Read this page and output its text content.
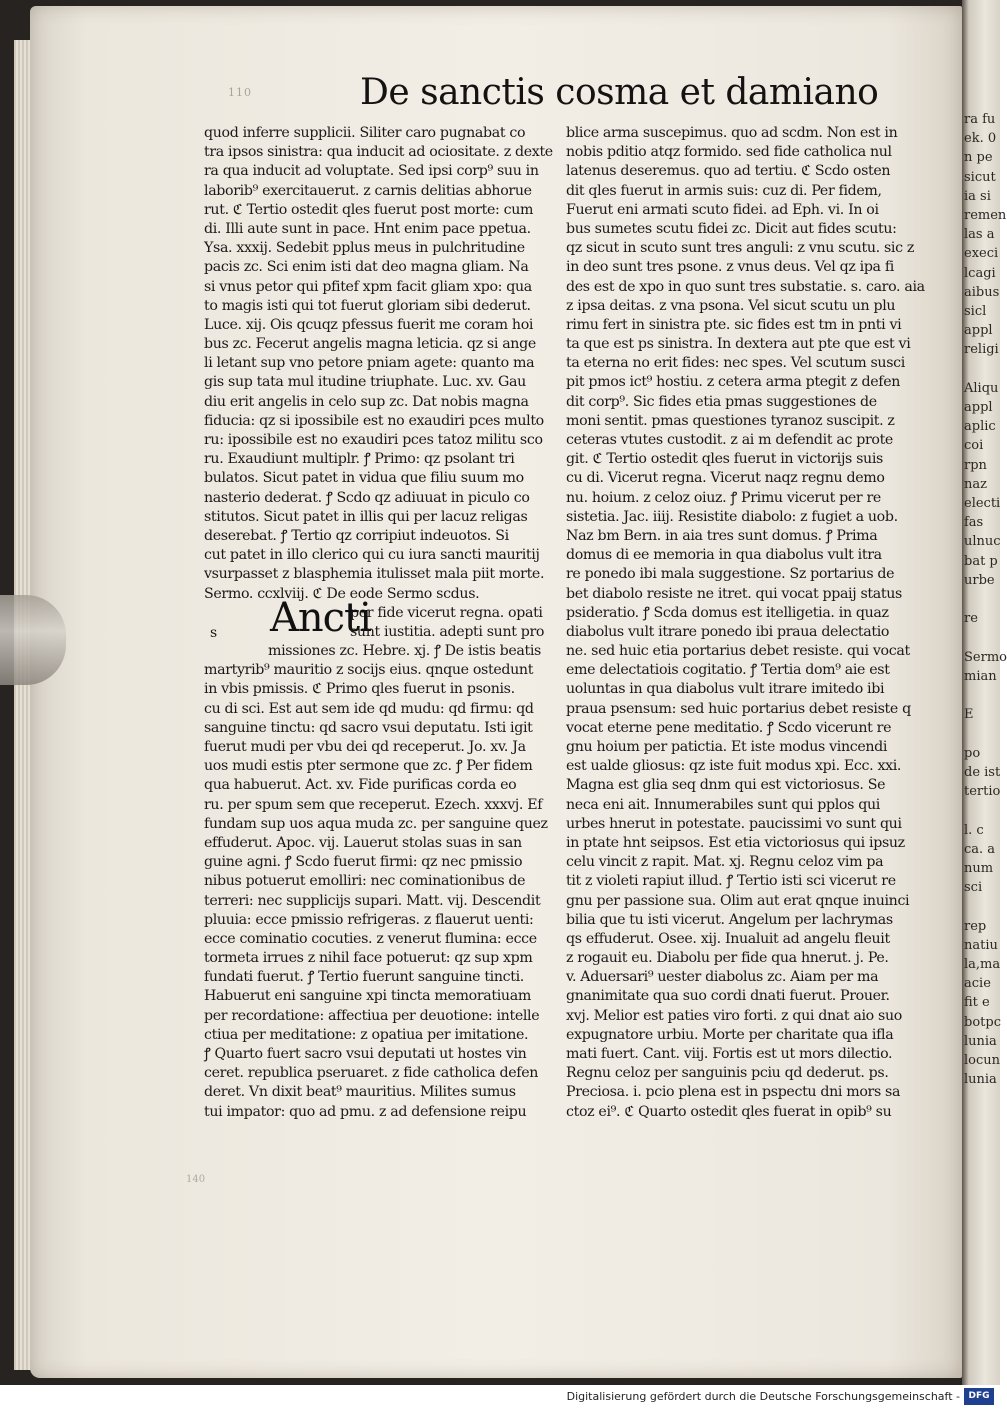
ra fu
ek. 0
n pe
sicut
ia si
remen
las a
execi
lcagi
aibus
sicl
appl
religi

Aliqu
appl
aplic
coi
rpn
naz
electi
fas
ulnuc
bat p
urbe

re

Sermo
mian

E

po
de ist
tertio

l. c
ca. a
num
sci

rep
natiu
la,ma
acie
fit e
botpc
lunia
locun
lunia
110
140
De sanctis cosma et damiano
quod inferre supplicii. Siliter caro pugnabat co
tra ipsos sinistra: qua inducit ad ociositate. z dexte
ra qua inducit ad voluptate. Sed ipsi corp⁹ suu in
laborib⁹ exercitauerut. z carnis delitias abhorue
rut. ℭ Tertio ostedit qles fuerut post morte: cum
di. Illi aute sunt in pace. Hnt enim pace ppetua.
Ysa. xxxij. Sedebit pplus meus in pulchritudine
pacis zc. Sci enim isti dat deo magna gliam. Na
si vnus petor qui pfitef xpm facit gliam xpo: qua
to magis isti qui tot fuerut gloriam sibi dederut.
Luce. xij. Ois qcuqz pfessus fuerit me coram hoi
bus zc. Fecerut angelis magna leticia. qz si ange
li letant sup vno petore pniam agete: quanto ma
gis sup tata mul itudine triuphate. Luc. xv. Gau
diu erit angelis in celo sup zc. Dat nobis magna
fiducia: qz si ipossibile est no exaudiri pces multo
ru: ipossibile est no exaudiri pces tatoz militu sco
ru. Exaudiunt multiplr. ꝭ Primo: qz psolant tri
bulatos. Sicut patet in vidua que filiu suum mo
nasterio dederat. ꝭ Scdo qz adiuuat in piculo co
stitutos. Sicut patet in illis qui per lacuz religas
deserebat. ꝭ Tertio qz corripiut indeuotos. Si
cut patet in illo clerico qui cu iura sancti mauritij
vsurpasset z blasphemia itulisset mala piit morte.
Sermo. ccxlviij. ℭ De eode Sermo scdus.
Ancti
per fide vicerut regna. opati
s	sunt iustitia. adepti sunt pro
missiones zc. Hebre. xj. ꝭ De istis beatis
martyrib⁹ mauritio z socijs eius. qnque ostedunt
in vbis pmissis. ℭ Primo qles fuerut in psonis.
cu di sci. Est aut sem ide qd mudu: qd firmu: qd
sanguine tinctu: qd sacro vsui deputatu. Isti igit
fuerut mudi per vbu dei qd receperut. Jo. xv. Ja
uos mudi estis pter sermone que zc. ꝭ Per fidem
qua habuerut. Act. xv. Fide purificas corda eo
ru. per spum sem que receperut. Ezech. xxxvj. Ef
fundam sup uos aqua muda zc. per sanguine quez
effuderut. Apoc. vij. Lauerut stolas suas in san
guine agni. ꝭ Scdo fuerut firmi: qz nec pmissio
nibus potuerut emolliri: nec cominationibus de
terreri: nec supplicijs supari. Matt. vij. Descendit
pluuia: ecce pmissio refrigeras. z flauerut uenti:
ecce cominatio cocuties. z venerut flumina: ecce
tormeta irrues z nihil face potuerut: qz sup xpm
fundati fuerut. ꝭ Tertio fuerunt sanguine tincti.
Habuerut eni sanguine xpi tincta memoratiuam
per recordatione: affectiua per deuotione: intelle
ctiua per meditatione: z opatiua per imitatione.
ꝭ Quarto fuert sacro vsui deputati ut hostes vin
ceret. republica pseruaret. z fide catholica defen
deret. Vn dixit beat⁹ mauritius. Milites sumus
tui impator: quo ad pmu. z ad defensione reipu
blice arma suscepimus. quo ad scdm. Non est in
nobis pditio atqz formido. sed fide catholica nul
latenus deseremus. quo ad tertiu. ℭ Scdo osten
dit qles fuerut in armis suis: cuz di. Per fidem,
Fuerut eni armati scuto fidei. ad Eph. vi. In oi
bus sumetes scutu fidei zc. Dicit aut fides scutu:
qz sicut in scuto sunt tres anguli: z vnu scutu. sic z
in deo sunt tres psone. z vnus deus. Vel qz ipa fi
des est de xpo in quo sunt tres substatie. s. caro. aia
z ipsa deitas. z vna psona. Vel sicut scutu un plu
rimu fert in sinistra pte. sic fides est tm in pnti vi
ta que est ps sinistra. In dextera aut pte que est vi
ta eterna no erit fides: nec spes. Vel scutum susci
pit pmos ict⁹ hostiu. z cetera arma ptegit z defen
dit corp⁹. Sic fides etia pmas suggestiones de
moni sentit. pmas questiones tyranoz suscipit. z
ceteras vtutes custodit. z ai m defendit ac prote
git. ℭ Tertio ostedit qles fuerut in victorijs suis
cu di. Vicerut regna. Vicerut naqz regnu demo
nu. hoium. z celoz oiuz. ꝭ Primu vicerut per re
sistetia. Jac. iiij. Resistite diabolo: z fugiet a uob.
Naz bm Bern. in aia tres sunt domus. ꝭ Prima
domus di ee memoria in qua diabolus vult itra
re ponedo ibi mala suggestione. Sz portarius de
bet diabolo resiste ne itret. qui vocat ppaij status
psideratio. ꝭ Scda domus est itelligetia. in quaz
diabolus vult itrare ponedo ibi praua delectatio
ne. sed huic etia portarius debet resiste. qui vocat
eme delectatiois cogitatio. ꝭ Tertia dom⁹ aie est
uoluntas in qua diabolus vult itrare imitedo ibi
praua psensum: sed huic portarius debet resiste q
vocat eterne pene meditatio. ꝭ Scdo vicerunt re
gnu hoium per patictia. Et iste modus vincendi
est ualde gliosus: qz iste fuit modus xpi. Ecc. xxi.
Magna est glia seq dnm qui est victoriosus. Se
neca eni ait. Innumerabiles sunt qui pplos qui
urbes hnerut in potestate. paucissimi vo sunt qui
in ptate hnt seipsos. Est etia victoriosus qui ipsuz
celu vincit z rapit. Mat. xj. Regnu celoz vim pa
tit z violeti rapiut illud. ꝭ Tertio isti sci vicerut re
gnu per passione sua. Olim aut erat qnque inuinci
bilia que tu isti vicerut. Angelum per lachrymas
qs effuderut. Osee. xij. Inualuit ad angelu fleuit
z rogauit eu. Diabolu per fide qua hnerut. j. Pe.
v. Aduersari⁹ uester diabolus zc. Aiam per ma
gnanimitate qua suo cordi dnati fuerut. Prouer.
xvj. Melior est paties viro forti. z qui dnat aio suo
expugnatore urbiu. Morte per charitate qua ifla
mati fuert. Cant. viij. Fortis est ut mors dilectio.
Regnu celoz per sanguinis pciu qd dederut. ps.
Preciosa. i. pcio plena est in pspectu dni mors sa
ctoz ei⁹. ℭ Quarto ostedit qles fuerat in opib⁹ su
Digitalisierung gefördert durch die Deutsche Forschungsgemeinschaft - DFG
